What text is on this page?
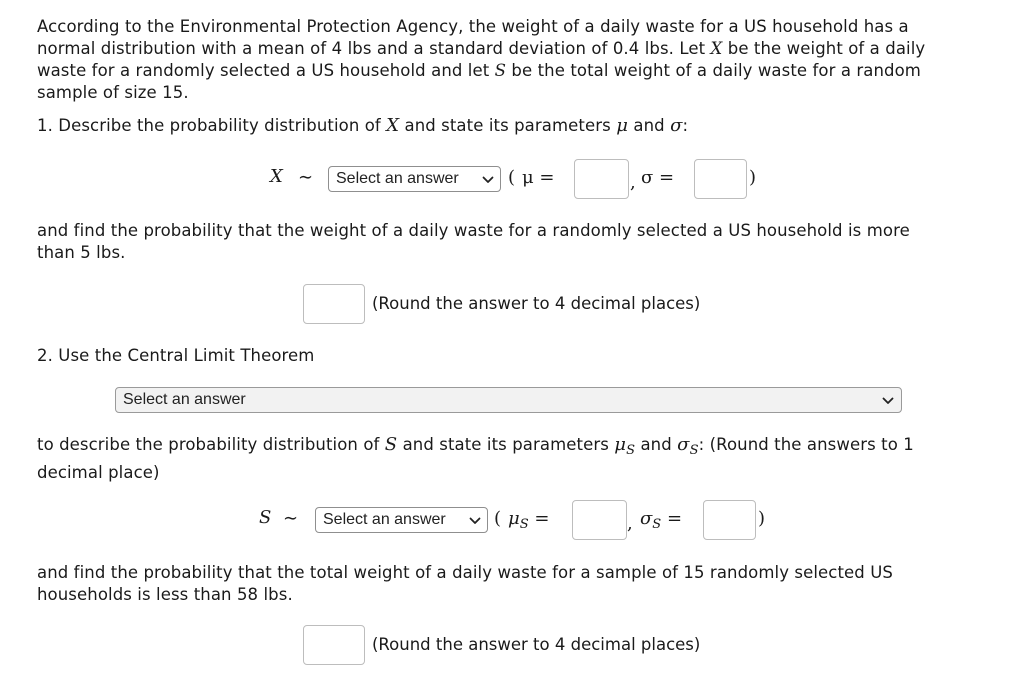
According to the Environmental Protection Agency, the weight of a daily waste for a US household has a
normal distribution with a mean of 4 lbs and a standard deviation of 0.4 lbs. Let X be the weight of a daily
waste for a randomly selected a US household and let S be the total weight of a daily waste for a random
sample of size 15.
1. Describe the probability distribution of X and state its parameters μ and σ:
X ∼	Select an answer	( μ =	, σ =	)
and find the probability that the weight of a daily waste for a randomly selected a US household is more
than 5 lbs.
(Round the answer to 4 decimal places)
2. Use the Central Limit Theorem
Select an answer
to describe the probability distribution of S and state its parameters $\mu_S$ and $\sigma_S$: (Round the answers to 1
decimal place)
S ∼	Select an answer	( $\mu_S$ =	, $\sigma_S$ =	)
and find the probability that the total weight of a daily waste for a sample of 15 randomly selected US
households is less than 58 lbs.
(Round the answer to 4 decimal places)
